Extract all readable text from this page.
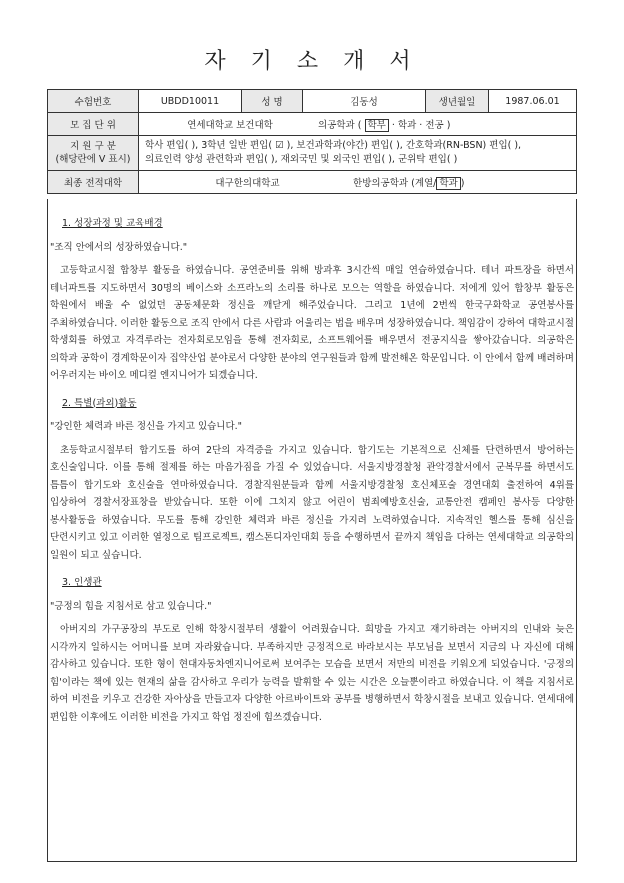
자 기 소 개 서
수험번호	UBDD10011	성 명	김동성	생년월일	1987.06.01
모 집 단 위	연세대학교 보건대학 의공학과 ( 학부 · 학과 · 전공 )				
지 원 구 분
(해당란에 V 표시)	학사 편입( ), 3학년 일반 편입( ☑ ), 보건과학과(야간) 편입( ), 간호학과(RN-BSN) 편입( ),
의료인력 양성 관련학과 편입( ), 재외국민 및 외국인 편입( ), 군위탁 편입( )				
최종 전적대학	대구한의대학교 한방의공학과 (계열/ 학과 )				
1. 성장과정 및 교육배경
"조직 안에서의 성장하였습니다."
고등학교시절 합창부 활동을 하였습니다. 공연준비를 위해 방과후 3시간씩 매일 연습하였습니다. 테너 파트장을 하면서 테너파트를 지도하면서 30명의 베이스와 소프라노의 소리를 하나로 모으는 역할을 하였습니다. 저에게 있어 합창부 활동은 학원에서 배울 수 없었던 공동체문화 정신을 깨닫게 해주었습니다. 그리고 1년에 2번씩 한국구화학교 공연봉사를 주최하였습니다. 이러한 활동으로 조직 안에서 다른 사람과 어울리는 법을 배우며 성장하였습니다. 책임감이 강하여 대학교시절 학생회를 하였고 자격루라는 전자회로모임을 통해 전자회로, 소프트웨어를 배우면서 전공지식을 쌓아갔습니다. 의공학은 의학과 공학이 경계학문이자 집약산업 분야로서 다양한 분야의 연구원들과 함께 발전해온 학문입니다. 이 안에서 함께 배려하며 어우러지는 바이오 메디컬 엔지니어가 되겠습니다.
2. 특별(과외)활동
"강인한 체력과 바른 정신을 가지고 있습니다."
초등학교시절부터 합기도를 하여 2단의 자격증을 가지고 있습니다. 합기도는 기본적으로 신체를 단련하면서 방어하는 호신술입니다. 이를 통해 절제를 하는 마음가짐을 가질 수 있었습니다. 서울지방경찰청 관악경찰서에서 군복무를 하면서도 틈틈이 합기도와 호신술을 연마하였습니다. 경찰직원분들과 함께 서울지방경찰청 호신체포술 경연대회 출전하여 4위를 입상하여 경찰서장표창을 받았습니다. 또한 이에 그치지 않고 어린이 범죄예방호신술, 교통안전 캠페인 봉사등 다양한 봉사활동을 하였습니다. 무도를 통해 강인한 체력과 바른 정신을 가지려 노력하였습니다. 지속적인 헬스를 통해 심신을 단련시키고 있고 이러한 열정으로 팀프로젝트, 캠스톤디자인대회 등을 수행하면서 끝까지 책임을 다하는 연세대학교 의공학의 일원이 되고 싶습니다.
3. 인생관
"긍정의 힘을 지침서로 삼고 있습니다."
아버지의 가구공장의 부도로 인해 학창시절부터 생활이 어려웠습니다. 희망을 가지고 재기하려는 아버지의 인내와 늦은 시각까지 일하시는 어머니를 보며 자라왔습니다. 부족하지만 긍정적으로 바라보시는 부모님을 보면서 지금의 나 자신에 대해 감사하고 있습니다. 또한 형이 현대자동차엔지니어로써 보여주는 모습을 보면서 저만의 비전을 키워오게 되었습니다. '긍정의 힘'이라는 책에 있는 현재의 삶을 감사하고 우리가 능력을 발휘할 수 있는 시간은 오늘뿐이라고 하였습니다. 이 책을 지침서로 하여 비전을 키우고 건강한 자아상을 만들고자 다양한 아르바이트와 공부를 병행하면서 학창시절을 보내고 있습니다. 연세대에 편입한 이후에도 이러한 비전을 가지고 학업 정진에 힘쓰겠습니다.
